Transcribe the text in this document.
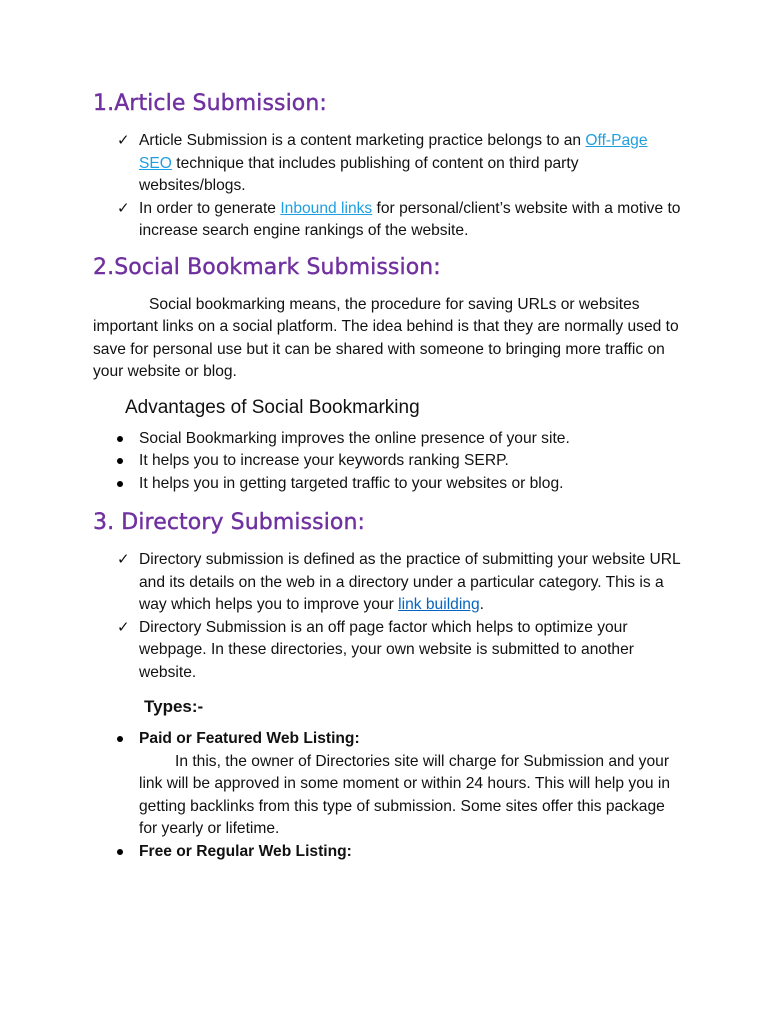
1.Article Submission:
✓ Article Submission is a content marketing practice belongs to an Off-Page SEO technique that includes publishing of content on third party websites/blogs.
✓ In order to generate Inbound links for personal/client’s website with a motive to increase search engine rankings of the website.
2.Social Bookmark Submission:

Social bookmarking means, the procedure for saving URLs or websites important links on a social platform. The idea behind is that they are normally used to save for personal use but it can be shared with someone to bringing more traffic on your website or blog.

Advantages of Social Bookmarking
Social Bookmarking improves the online presence of your site.
It helps you to increase your keywords ranking SERP.
It helps you in getting targeted traffic to your websites or blog.
3. Directory Submission:
✓ Directory submission is defined as the practice of submitting your website URL and its details on the web in a directory under a particular category. This is a way which helps you to improve your link building.
✓ Directory Submission is an off page factor which helps to optimize your webpage. In these directories, your own website is submitted to another website.
Types:-
Paid or Featured Web Listing:
In this, the owner of Directories site will charge for Submission and your link will be approved in some moment or within 24 hours. This will help you in getting backlinks from this type of submission. Some sites offer this package for yearly or lifetime.
Free or Regular Web Listing:
